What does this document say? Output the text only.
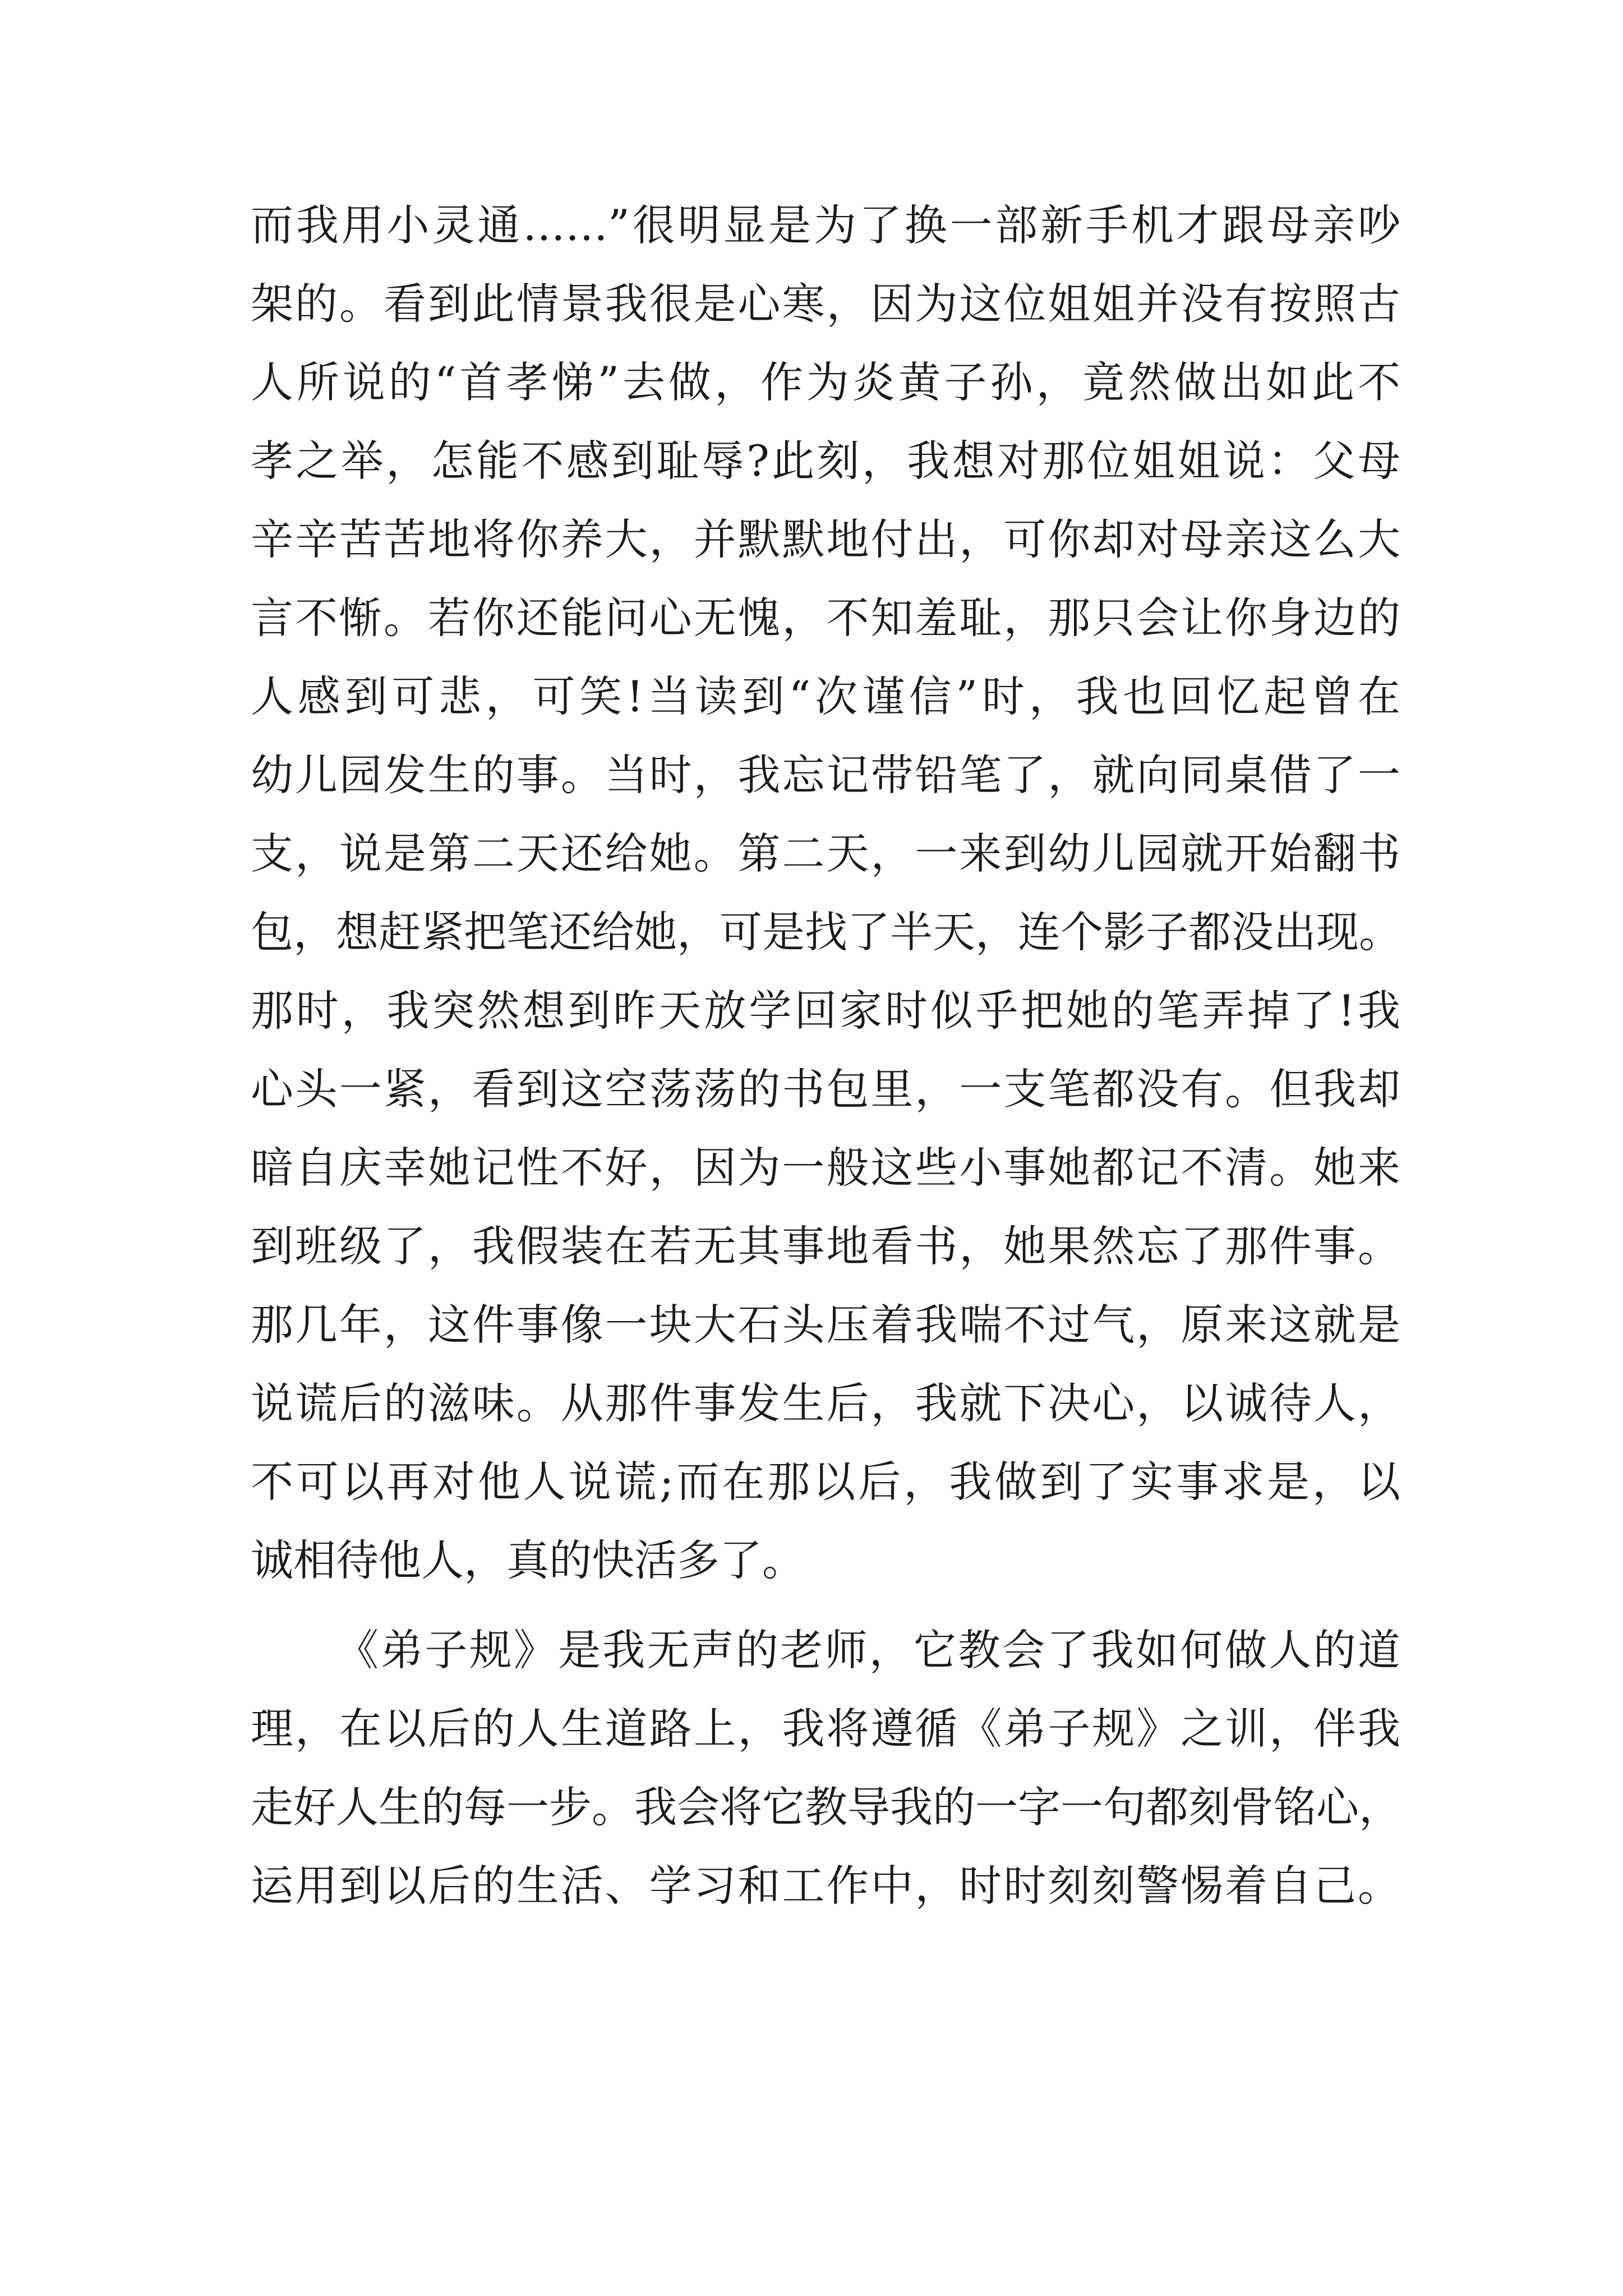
而我用小灵通……”很明显是为了换一部新手机才跟母亲吵
架的。看到此情景我很是心寒，因为这位姐姐并没有按照古
人所说的“首孝悌”去做，作为炎黄子孙，竟然做出如此不
孝之举，怎能不感到耻辱?此刻，我想对那位姐姐说：父母
辛辛苦苦地将你养大，并默默地付出，可你却对母亲这么大
言不惭。若你还能问心无愧，不知羞耻，那只会让你身边的
人感到可悲，可笑!当读到“次谨信”时，我也回忆起曾在
幼儿园发生的事。当时，我忘记带铅笔了，就向同桌借了一
支，说是第二天还给她。第二天，一来到幼儿园就开始翻书
包，想赶紧把笔还给她，可是找了半天，连个影子都没出现。
那时，我突然想到昨天放学回家时似乎把她的笔弄掉了!我
心头一紧，看到这空荡荡的书包里，一支笔都没有。但我却
暗自庆幸她记性不好，因为一般这些小事她都记不清。她来
到班级了，我假装在若无其事地看书，她果然忘了那件事。
那几年，这件事像一块大石头压着我喘不过气，原来这就是
说谎后的滋味。从那件事发生后，我就下决心，以诚待人，
不可以再对他人说谎;而在那以后，我做到了实事求是，以
诚相待他人，真的快活多了。
《弟子规》是我无声的老师，它教会了我如何做人的道
理，在以后的人生道路上，我将遵循《弟子规》之训，伴我
走好人生的每一步。我会将它教导我的一字一句都刻骨铭心，
运用到以后的生活、学习和工作中，时时刻刻警惕着自己。
